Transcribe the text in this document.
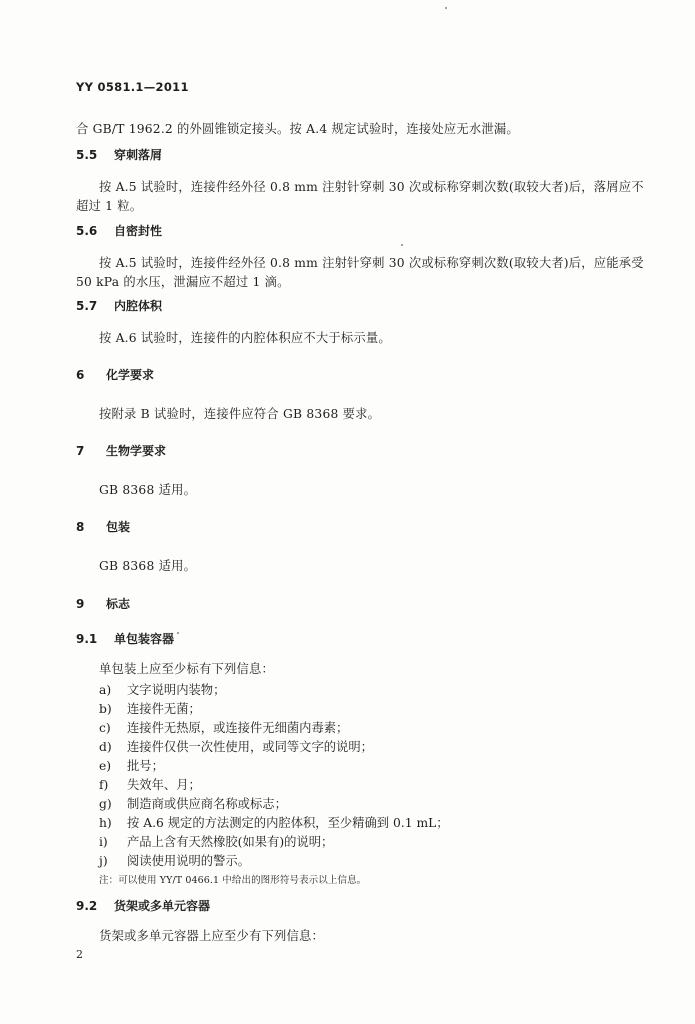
YY 0581.1—2011
合 GB/T 1962.2 的外圆锥锁定接头。按 A.4 规定试验时，连接处应无水泄漏。
5.5 穿刺落屑
按 A.5 试验时，连接件经外径 0.8 mm 注射针穿刺 30 次或标称穿刺次数(取较大者)后，落屑应不
超过 1 粒。
5.6 自密封性
按 A.5 试验时，连接件经外径 0.8 mm 注射针穿刺 30 次或标称穿刺次数(取较大者)后，应能承受
50 kPa 的水压，泄漏应不超过 1 滴。
5.7 内腔体积
按 A.6 试验时，连接件的内腔体积应不大于标示量。
6 化学要求
按附录 B 试验时，连接件应符合 GB 8368 要求。
7 生物学要求
GB 8368 适用。
8 包装
GB 8368 适用。
9 标志
9.1 单包装容器
单包装上应至少标有下列信息：
a) 文字说明内装物；
b) 连接件无菌；
c) 连接件无热原，或连接件无细菌内毒素；
d) 连接件仅供一次性使用，或同等文字的说明；
e) 批号；
f) 失效年、月；
g) 制造商或供应商名称或标志；
h) 按 A.6 规定的方法测定的内腔体积，至少精确到 0.1 mL；
i) 产品上含有天然橡胶(如果有)的说明；
j) 阅读使用说明的警示。
注：可以使用 YY/T 0466.1 中给出的图形符号表示以上信息。
9.2 货架或多单元容器
货架或多单元容器上应至少有下列信息：
2
